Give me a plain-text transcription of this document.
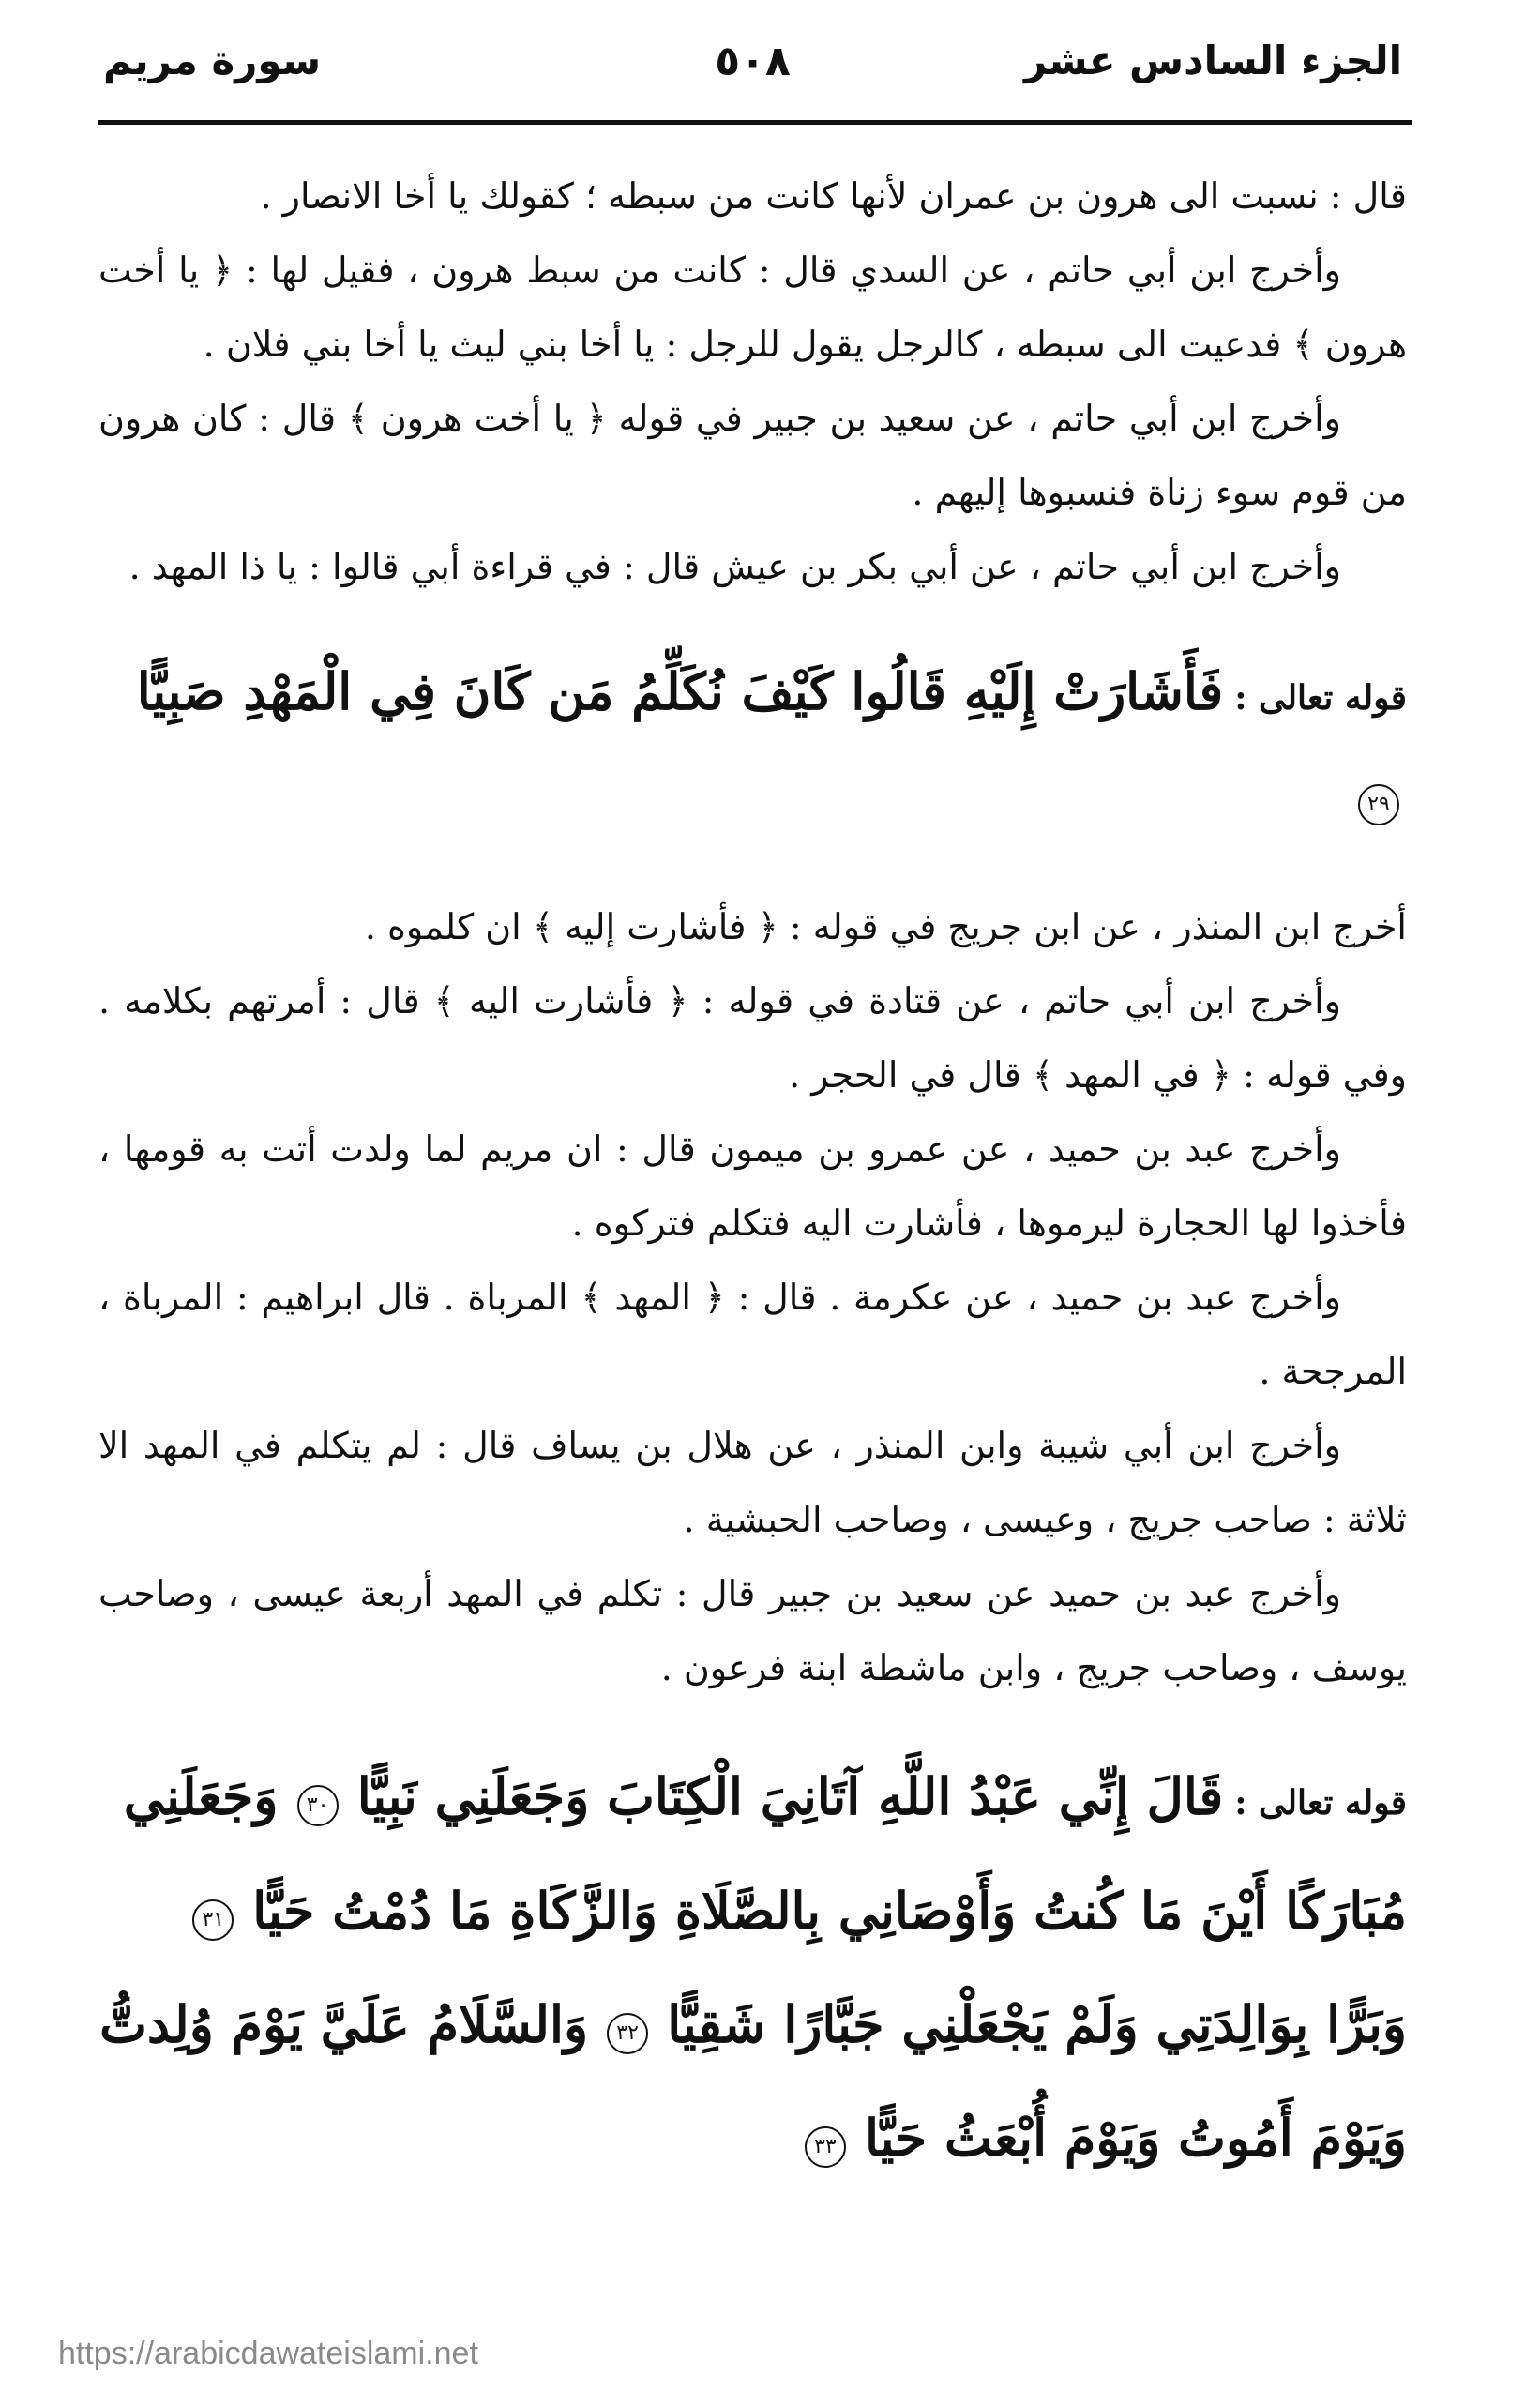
الجزء السادس عشر
٥٠٨
سورة مريم

قال : نسبت الى هرون بن عمران لأنها كانت من سبطه ؛ كقولك يا أخا الانصار .

وأخرج ابن أبي حاتم ، عن السدي قال : كانت من سبط هرون ، فقيل لها : ﴿ يا أخت هرون ﴾ فدعيت الى سبطه ، كالرجل يقول للرجل : يا أخا بني ليث يا أخا بني فلان .

وأخرج ابن أبي حاتم ، عن سعيد بن جبير في قوله ﴿ يا أخت هرون ﴾ قال : كان هرون من قوم سوء زناة فنسبوها إليهم .

وأخرج ابن أبي حاتم ، عن أبي بكر بن عيش قال : في قراءة أبي قالوا : يا ذا المهد .

قوله تعالى : فَأَشَارَتْ إِلَيْهِ قَالُوا كَيْفَ نُكَلِّمُ مَن كَانَ فِي الْمَهْدِ صَبِيًّا ٢٩

أخرج ابن المنذر ، عن ابن جريج في قوله : ﴿ فأشارت إليه ﴾ ان كلموه .

وأخرج ابن أبي حاتم ، عن قتادة في قوله : ﴿ فأشارت اليه ﴾ قال : أمرتهم بكلامه . وفي قوله : ﴿ في المهد ﴾ قال في الحجر .

وأخرج عبد بن حميد ، عن عمرو بن ميمون قال : ان مريم لما ولدت أتت به قومها ، فأخذوا لها الحجارة ليرموها ، فأشارت اليه فتكلم فتركوه .

وأخرج عبد بن حميد ، عن عكرمة . قال : ﴿ المهد ﴾ المرباة . قال ابراهيم : المرباة ، المرجحة .

وأخرج ابن أبي شيبة وابن المنذر ، عن هلال بن يساف قال : لم يتكلم في المهد الا ثلاثة : صاحب جريج ، وعيسى ، وصاحب الحبشية .

وأخرج عبد بن حميد عن سعيد بن جبير قال : تكلم في المهد أربعة عيسى ، وصاحب يوسف ، وصاحب جريج ، وابن ماشطة ابنة فرعون .

قوله تعالى : قَالَ إِنِّي عَبْدُ اللَّهِ آتَانِيَ الْكِتَابَ وَجَعَلَنِي نَبِيًّا ٣٠ وَجَعَلَنِي مُبَارَكًا أَيْنَ مَا كُنتُ وَأَوْصَانِي بِالصَّلَاةِ وَالزَّكَاةِ مَا دُمْتُ حَيًّا ٣١ وَبَرًّا بِوَالِدَتِي وَلَمْ يَجْعَلْنِي جَبَّارًا شَقِيًّا ٣٢ وَالسَّلَامُ عَلَيَّ يَوْمَ وُلِدتُّ وَيَوْمَ أَمُوتُ وَيَوْمَ أُبْعَثُ حَيًّا ٣٣
https://arabicdawateislami.net
